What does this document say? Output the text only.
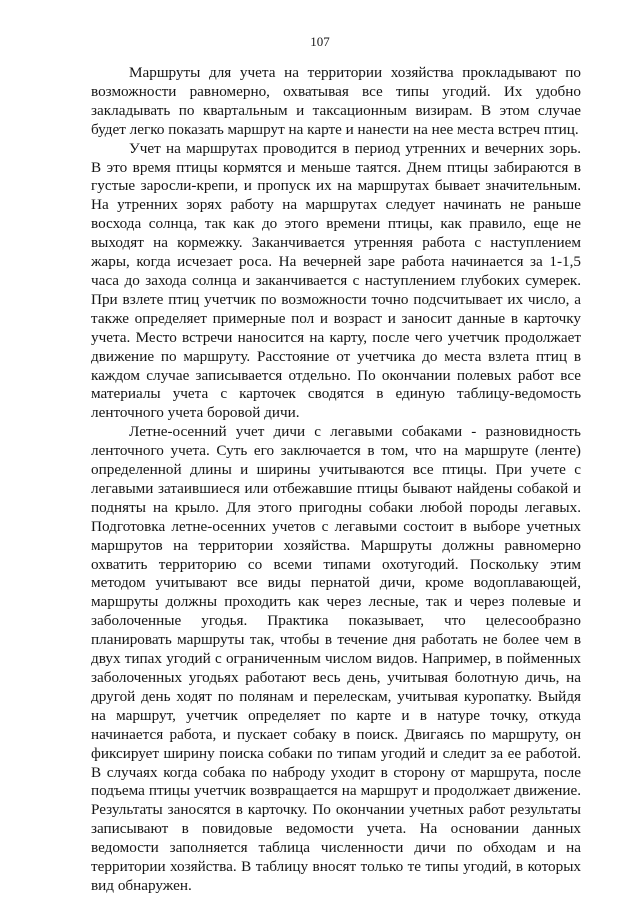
107

Маршруты для учета на территории хозяйства прокладывают по возможности равномерно, охватывая все типы угодий. Их удобно закладывать по квартальным и таксационным визирам. В этом случае будет легко показать маршрут на карте и нанести на нее места встреч птиц.

Учет на маршрутах проводится в период утренних и вечерних зорь. В это время птицы кормятся и меньше таятся. Днем птицы забираются в густые заросли-крепи, и пропуск их на маршрутах бывает значительным. На утренних зорях работу на маршрутах следует начинать не раньше восхода солнца, так как до этого времени птицы, как правило, еще не выходят на кормежку. Заканчивается утренняя работа с наступлением жары, когда исчезает роса. На вечерней заре работа начинается за 1-1,5 часа до захода солнца и заканчивается с наступлением глубоких сумерек. При взлете птиц учетчик по возможности точно подсчитывает их число, а также определяет примерные пол и возраст и заносит данные в карточку учета. Место встречи наносится на карту, после чего учетчик продолжает движение по маршруту. Расстояние от учетчика до места взлета птиц в каждом случае записывается отдельно. По окончании полевых работ все материалы учета с карточек сводятся в единую таблицу-ведомость ленточного учета боровой дичи.

Летне-осенний учет дичи с легавыми собаками - разновидность ленточного учета. Суть его заключается в том, что на маршруте (ленте) определенной длины и ширины учитываются все птицы. При учете с легавыми затаившиеся или отбежавшие птицы бывают найдены собакой и подняты на крыло. Для этого пригодны собаки любой породы легавых. Подготовка летне-осенних учетов с легавыми состоит в выборе учетных маршрутов на территории хозяйства. Маршруты должны равномерно охватить территорию со всеми типами охотугодий. Поскольку этим методом учитывают все виды пернатой дичи, кроме водоплавающей, маршруты должны проходить как через лесные, так и через полевые и заболоченные угодья. Практика показывает, что целесообразно планировать маршруты так, чтобы в течение дня работать не более чем в двух типах угодий с ограниченным числом видов. Например, в пойменных заболоченных угодьях работают весь день, учитывая болотную дичь, на другой день ходят по полянам и перелескам, учитывая куропатку. Выйдя на маршрут, учетчик определяет по карте и в натуре точку, откуда начинается работа, и пускает собаку в поиск. Двигаясь по маршруту, он фиксирует ширину поиска собаки по типам угодий и следит за ее работой. В случаях когда собака по наброду уходит в сторону от маршрута, после подъема птицы учетчик возвращается на маршрут и продолжает движение. Результаты заносятся в карточку. По окончании учетных работ результаты записывают в повидовые ведомости учета. На основании данных ведомости заполняется таблица численности дичи по обходам и на территории хозяйства. В таблицу вносят только те типы угодий, в которых вид обнаружен.
